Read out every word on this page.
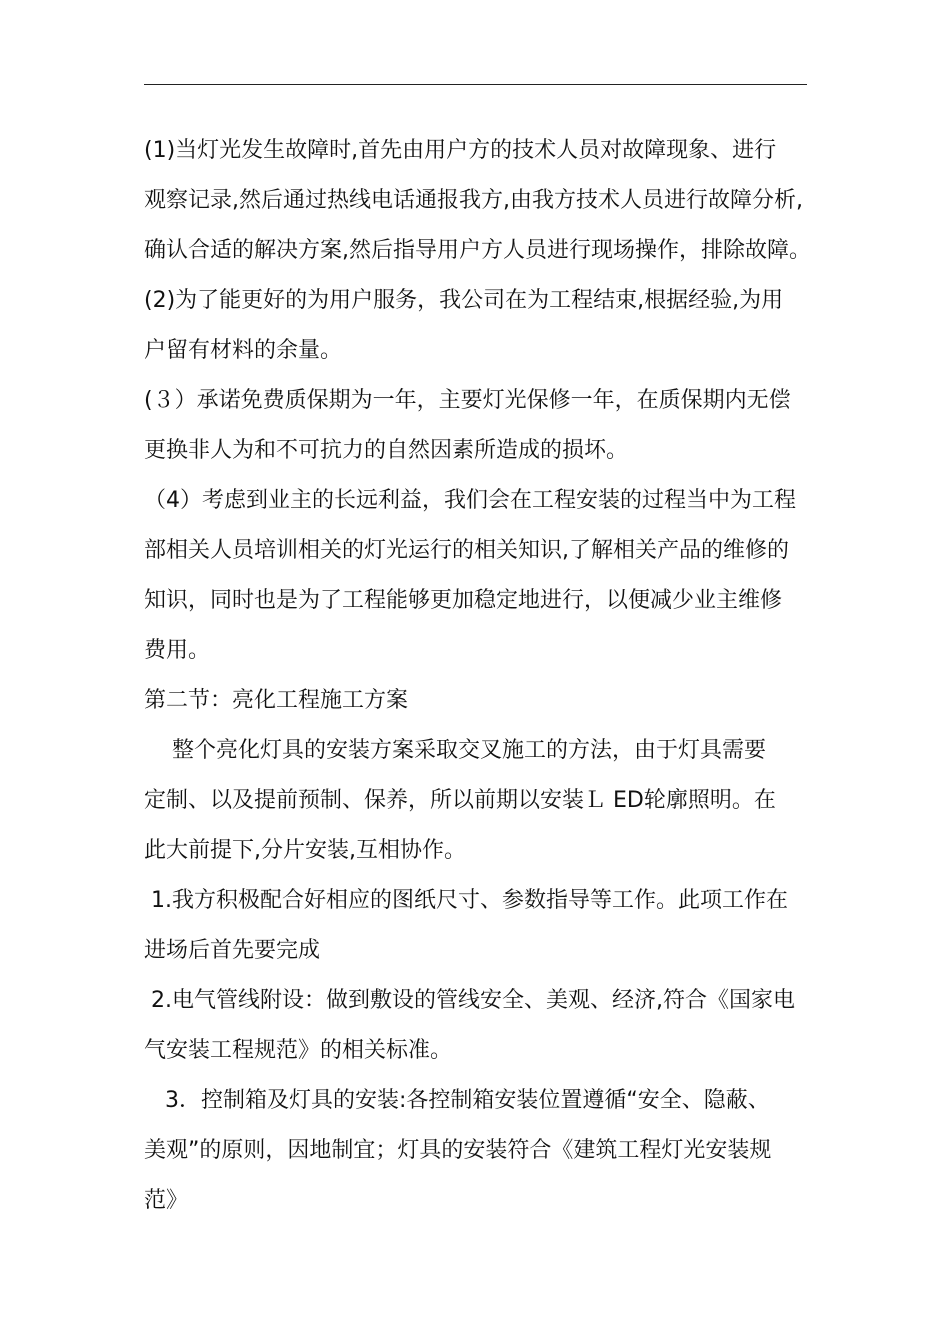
(1)当灯光发生故障时,首先由用户方的技术人员对故障现象、进行
观察记录,然后通过热线电话通报我方,由我方技术人员进行故障分析,
确认合适的解决方案,然后指导用户方人员进行现场操作，排除故障。
(2)为了能更好的为用户服务，我公司在为工程结束,根据经验,为用
户留有材料的余量。
(３）承诺免费质保期为一年，主要灯光保修一年，在质保期内无偿
更换非人为和不可抗力的自然因素所造成的损坏。
（4）考虑到业主的长远利益，我们会在工程安装的过程当中为工程
部相关人员培训相关的灯光运行的相关知识,了解相关产品的维修的
知识，同时也是为了工程能够更加稳定地进行，以便减少业主维修
费用。
第二节：亮化工程施工方案
整个亮化灯具的安装方案采取交叉施工的方法，由于灯具需要
定制、以及提前预制、保养，所以前期以安装Ｌ ED轮廓照明。在
此大前提下,分片安装,互相协作。
1.我方积极配合好相应的图纸尺寸、参数指导等工作。此项工作在
进场后首先要完成
2.电气管线附设：做到敷设的管线安全、美观、经济,符合《国家电
气安装工程规范》的相关标准。
3．控制箱及灯具的安装:各控制箱安装位置遵循“安全、隐蔽、
美观”的原则，因地制宜；灯具的安装符合《建筑工程灯光安装规
范》
